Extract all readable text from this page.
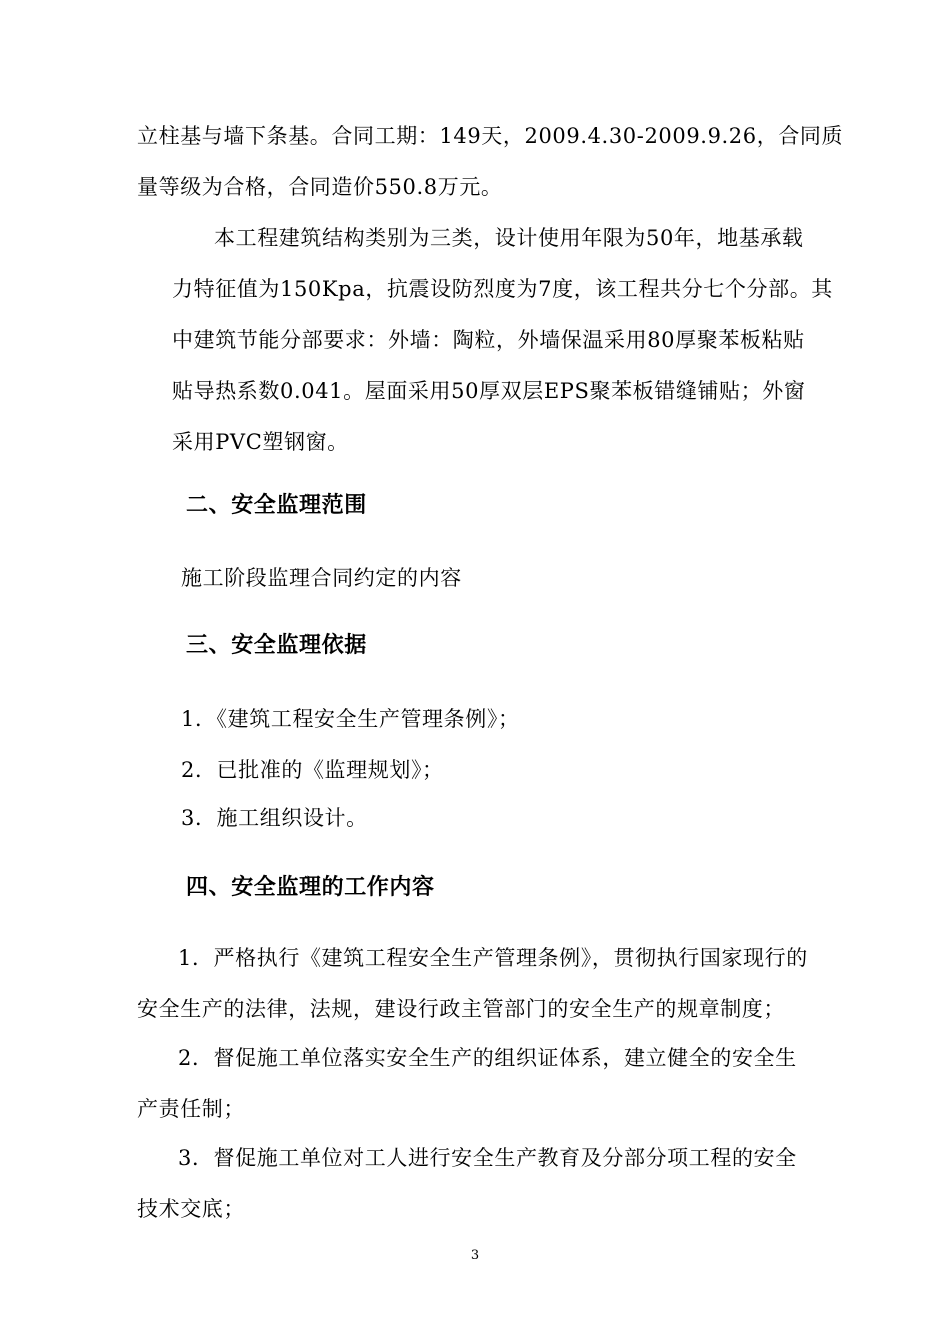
立柱基与墙下条基。合同工期：149天，2009.4.30-2009.9.26，合同质
量等级为合格，合同造价550.8万元。
本工程建筑结构类别为三类，设计使用年限为50年，地基承载
力特征值为150Kpa，抗震设防烈度为7度，该工程共分七个分部。其
中建筑节能分部要求：外墙：陶粒，外墙保温采用80厚聚苯板粘贴
贴导热系数0.041。屋面采用50厚双层EPS聚苯板错缝铺贴；外窗
采用PVC塑钢窗。
二、安全监理范围
施工阶段监理合同约定的内容
三、安全监理依据
1．《建筑工程安全生产管理条例》；
2．已批准的《监理规划》；
3．施工组织设计。
四、安全监理的工作内容
1．严格执行《建筑工程安全生产管理条例》，贯彻执行国家现行的
安全生产的法律，法规，建设行政主管部门的安全生产的规章制度；
2．督促施工单位落实安全生产的组织证体系，建立健全的安全生
产责任制；
3．督促施工单位对工人进行安全生产教育及分部分项工程的安全
技术交底；
3
